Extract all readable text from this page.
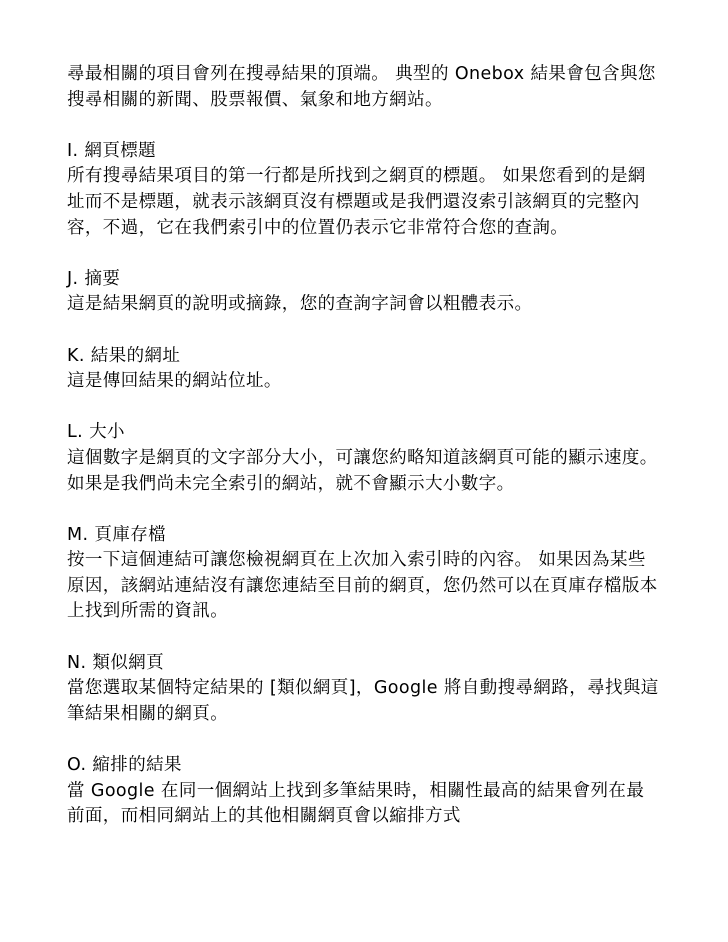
尋最相關的項目會列在搜尋結果的頂端。 典型的 Onebox 結果會包含與您搜尋相關的新聞、股票報價、氣象和地方網站。

I. 網頁標題

所有搜尋結果項目的第一行都是所找到之網頁的標題。 如果您看到的是網址而不是標題，就表示該網頁沒有標題或是我們還沒索引該網頁的完整內容，不過，它在我們索引中的位置仍表示它非常符合您的查詢。

J. 摘要

這是結果網頁的說明或摘錄，您的查詢字詞會以粗體表示。

K. 結果的網址

這是傳回結果的網站位址。

L. 大小

這個數字是網頁的文字部分大小，可讓您約略知道該網頁可能的顯示速度。 如果是我們尚未完全索引的網站，就不會顯示大小數字。

M. 頁庫存檔

按一下這個連結可讓您檢視網頁在上次加入索引時的內容。 如果因為某些原因，該網站連結沒有讓您連結至目前的網頁，您仍然可以在頁庫存檔版本上找到所需的資訊。

N. 類似網頁

當您選取某個特定結果的 [類似網頁]，Google 將自動搜尋網路，尋找與這筆結果相關的網頁。

O. 縮排的結果

當 Google 在同一個網站上找到多筆結果時，相關性最高的結果會列在最前面，而相同網站上的其他相關網頁會以縮排方式
